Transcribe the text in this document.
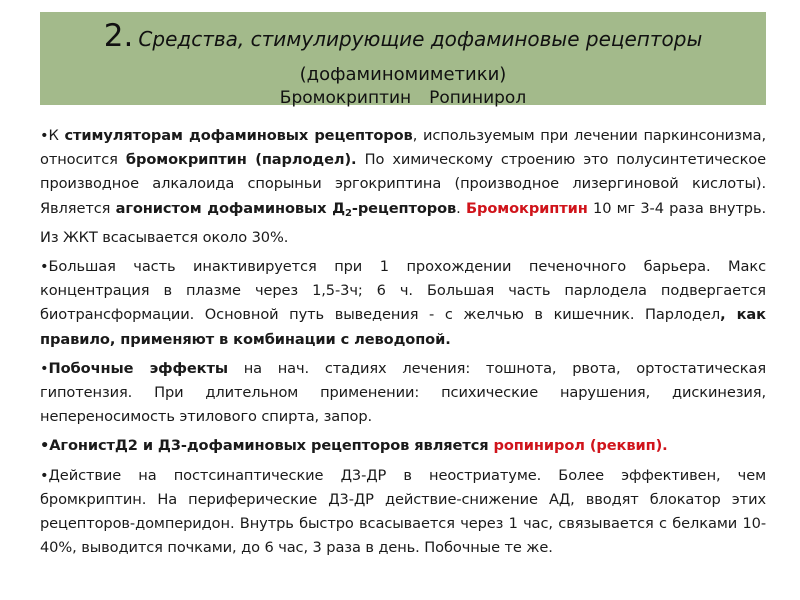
2. Средства, стимулирующие дофаминовые рецепторы
(дофаминомиметики)
Бромокриптин Ропинирол

•К стимуляторам дофаминовых рецепторов, используемым при лечении паркинсонизма, относится бромокриптин (парлодел). По химическому строению это полусинтетическое производное алкалоида спорыньи эргокриптина (производное лизергиновой кислоты). Является агонистом дофаминовых $Д_2$-рецепторов. Бромокриптин 10 мг 3-4 раза внутрь. Из ЖКТ всасывается около 30%.

•Большая часть инактивируется при 1 прохождении печеночного барьера. Макс концентрация в плазме через 1,5-3ч; 6 ч. Большая часть парлодела подвергается биотрансформации. Основной путь выведения - с желчью в кишечник. Парлодел, как правило, применяют в комбинации с леводопой.

•Побочные эффекты на нач. стадиях лечения: тошнота, рвота, ортостатическая гипотензия. При длительном применении: психические нарушения, дискинезия, непереносимость этилового спирта, запор.

•АгонистД2 и Д3-дофаминовых рецепторов является ропинирол (реквип).

•Действие на постсинаптические Д3-ДР в неостриатуме. Более эффективен, чем бромкриптин. На периферические Д3-ДР действие-снижение АД, вводят блокатор этих рецепторов-домперидон. Внутрь быстро всасывается через 1 час, связывается с белками 10-40%, выводится почками, до 6 час, 3 раза в день. Побочные те же.
